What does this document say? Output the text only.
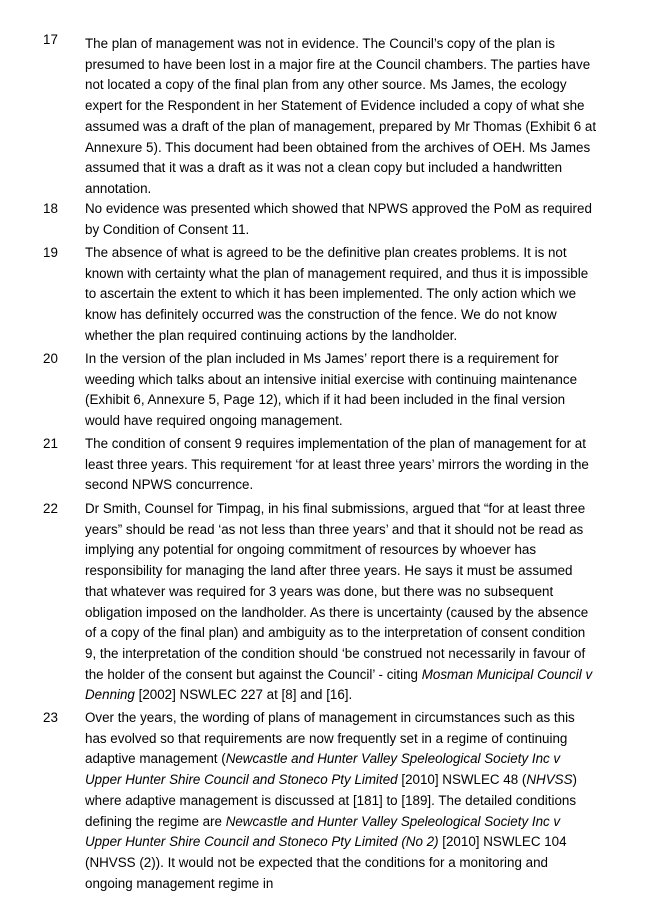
17 The plan of management was not in evidence. The Council’s copy of the plan is presumed to have been lost in a major fire at the Council chambers. The parties have not located a copy of the final plan from any other source. Ms James, the ecology expert for the Respondent in her Statement of Evidence included a copy of what she assumed was a draft of the plan of management, prepared by Mr Thomas (Exhibit 6 at Annexure 5). This document had been obtained from the archives of OEH. Ms James assumed that it was a draft as it was not a clean copy but included a handwritten annotation.
18 No evidence was presented which showed that NPWS approved the PoM as required by Condition of Consent 11.
19 The absence of what is agreed to be the definitive plan creates problems. It is not known with certainty what the plan of management required, and thus it is impossible to ascertain the extent to which it has been implemented. The only action which we know has definitely occurred was the construction of the fence. We do not know whether the plan required continuing actions by the landholder.
20 In the version of the plan included in Ms James’ report there is a requirement for weeding which talks about an intensive initial exercise with continuing maintenance (Exhibit 6, Annexure 5, Page 12), which if it had been included in the final version would have required ongoing management.
21 The condition of consent 9 requires implementation of the plan of management for at least three years. This requirement ‘for at least three years’ mirrors the wording in the second NPWS concurrence.
22 Dr Smith, Counsel for Timpag, in his final submissions, argued that “for at least three years” should be read ‘as not less than three years’ and that it should not be read as implying any potential for ongoing commitment of resources by whoever has responsibility for managing the land after three years. He says it must be assumed that whatever was required for 3 years was done, but there was no subsequent obligation imposed on the landholder. As there is uncertainty (caused by the absence of a copy of the final plan) and ambiguity as to the interpretation of consent condition 9, the interpretation of the condition should ‘be construed not necessarily in favour of the holder of the consent but against the Council’ - citing Mosman Municipal Council v Denning [2002] NSWLEC 227 at [8] and [16].
23 Over the years, the wording of plans of management in circumstances such as this has evolved so that requirements are now frequently set in a regime of continuing adaptive management (Newcastle and Hunter Valley Speleological Society Inc v Upper Hunter Shire Council and Stoneco Pty Limited [2010] NSWLEC 48 (NHVSS) where adaptive management is discussed at [181] to [189]. The detailed conditions defining the regime are Newcastle and Hunter Valley Speleological Society Inc v Upper Hunter Shire Council and Stoneco Pty Limited (No 2) [2010] NSWLEC 104 (NHVSS (2)). It would not be expected that the conditions for a monitoring and ongoing management regime in
